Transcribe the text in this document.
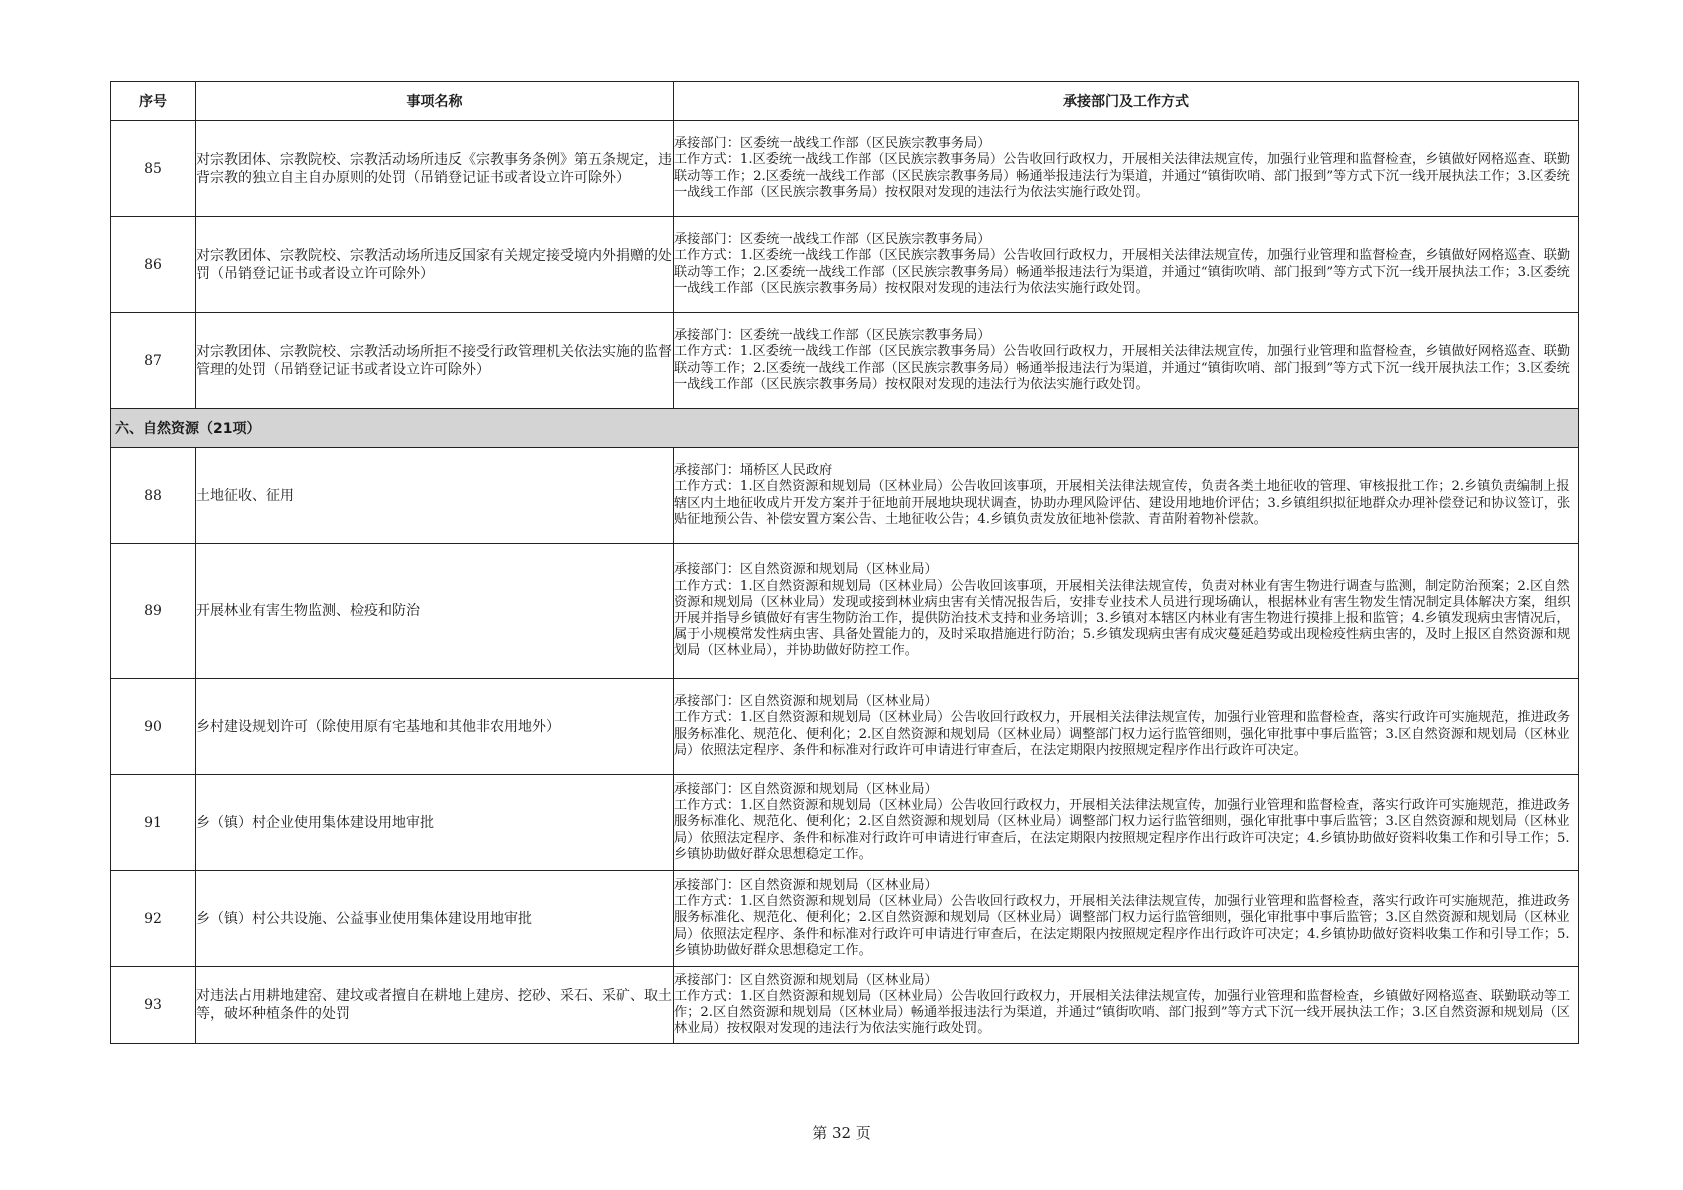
序号	事项名称	承接部门及工作方式
85	对宗教团体、宗教院校、宗教活动场所违反《宗教事务条例》第五条规定，违背宗教的独立自主自办原则的处罚（吊销登记证书或者设立许可除外）	承接部门：区委统一战线工作部（区民族宗教事务局）
工作方式：1.区委统一战线工作部（区民族宗教事务局）公告收回行政权力，开展相关法律法规宣传，加强行业管理和监督检查，乡镇做好网格巡查、联勤联动等工作；2.区委统一战线工作部（区民族宗教事务局）畅通举报违法行为渠道，并通过“镇街吹哨、部门报到”等方式下沉一线开展执法工作；3.区委统一战线工作部（区民族宗教事务局）按权限对发现的违法行为依法实施行政处罚。

86	对宗教团体、宗教院校、宗教活动场所违反国家有关规定接受境内外捐赠的处罚（吊销登记证书或者设立许可除外）	承接部门：区委统一战线工作部（区民族宗教事务局）
工作方式：1.区委统一战线工作部（区民族宗教事务局）公告收回行政权力，开展相关法律法规宣传，加强行业管理和监督检查，乡镇做好网格巡查、联勤联动等工作；2.区委统一战线工作部（区民族宗教事务局）畅通举报违法行为渠道，并通过“镇街吹哨、部门报到”等方式下沉一线开展执法工作；3.区委统一战线工作部（区民族宗教事务局）按权限对发现的违法行为依法实施行政处罚。

87	对宗教团体、宗教院校、宗教活动场所拒不接受行政管理机关依法实施的监督管理的处罚（吊销登记证书或者设立许可除外）	承接部门：区委统一战线工作部（区民族宗教事务局）
工作方式：1.区委统一战线工作部（区民族宗教事务局）公告收回行政权力，开展相关法律法规宣传，加强行业管理和监督检查，乡镇做好网格巡查、联勤联动等工作；2.区委统一战线工作部（区民族宗教事务局）畅通举报违法行为渠道，并通过“镇街吹哨、部门报到”等方式下沉一线开展执法工作；3.区委统一战线工作部（区民族宗教事务局）按权限对发现的违法行为依法实施行政处罚。

六、自然资源（21项）		
88	土地征收、征用	承接部门：埇桥区人民政府
工作方式：1.区自然资源和规划局（区林业局）公告收回该事项，开展相关法律法规宣传，负责各类土地征收的管理、审核报批工作；2.乡镇负责编制上报辖区内土地征收成片开发方案并于征地前开展地块现状调查，协助办理风险评估、建设用地地价评估；3.乡镇组织拟征地群众办理补偿登记和协议签订，张贴征地预公告、补偿安置方案公告、土地征收公告；4.乡镇负责发放征地补偿款、青苗附着物补偿款。

89	开展林业有害生物监测、检疫和防治	承接部门：区自然资源和规划局（区林业局）
工作方式：1.区自然资源和规划局（区林业局）公告收回该事项，开展相关法律法规宣传，负责对林业有害生物进行调查与监测，制定防治预案；2.区自然资源和规划局（区林业局）发现或接到林业病虫害有关情况报告后，安排专业技术人员进行现场确认，根据林业有害生物发生情况制定具体解决方案，组织开展并指导乡镇做好有害生物防治工作，提供防治技术支持和业务培训；3.乡镇对本辖区内林业有害生物进行摸排上报和监管；4.乡镇发现病虫害情况后，属于小规模常发性病虫害、具备处置能力的，及时采取措施进行防治；5.乡镇发现病虫害有成灾蔓延趋势或出现检疫性病虫害的，及时上报区自然资源和规划局（区林业局），并协助做好防控工作。

90	乡村建设规划许可（除使用原有宅基地和其他非农用地外）	承接部门：区自然资源和规划局（区林业局）
工作方式：1.区自然资源和规划局（区林业局）公告收回行政权力，开展相关法律法规宣传，加强行业管理和监督检查，落实行政许可实施规范，推进政务服务标准化、规范化、便利化；2.区自然资源和规划局（区林业局）调整部门权力运行监管细则，强化审批事中事后监管；3.区自然资源和规划局（区林业局）依照法定程序、条件和标准对行政许可申请进行审查后，在法定期限内按照规定程序作出行政许可决定。

91	乡（镇）村企业使用集体建设用地审批	承接部门：区自然资源和规划局（区林业局）
工作方式：1.区自然资源和规划局（区林业局）公告收回行政权力，开展相关法律法规宣传，加强行业管理和监督检查，落实行政许可实施规范，推进政务服务标准化、规范化、便利化；2.区自然资源和规划局（区林业局）调整部门权力运行监管细则，强化审批事中事后监管；3.区自然资源和规划局（区林业局）依照法定程序、条件和标准对行政许可申请进行审查后，在法定期限内按照规定程序作出行政许可决定；4.乡镇协助做好资料收集工作和引导工作；5.乡镇协助做好群众思想稳定工作。

92	乡（镇）村公共设施、公益事业使用集体建设用地审批	承接部门：区自然资源和规划局（区林业局）
工作方式：1.区自然资源和规划局（区林业局）公告收回行政权力，开展相关法律法规宣传，加强行业管理和监督检查，落实行政许可实施规范，推进政务服务标准化、规范化、便利化；2.区自然资源和规划局（区林业局）调整部门权力运行监管细则，强化审批事中事后监管；3.区自然资源和规划局（区林业局）依照法定程序、条件和标准对行政许可申请进行审查后，在法定期限内按照规定程序作出行政许可决定；4.乡镇协助做好资料收集工作和引导工作；5.乡镇协助做好群众思想稳定工作。

93	对违法占用耕地建窑、建坟或者擅自在耕地上建房、挖砂、采石、采矿、取土等，破坏种植条件的处罚	承接部门：区自然资源和规划局（区林业局）
工作方式：1.区自然资源和规划局（区林业局）公告收回行政权力，开展相关法律法规宣传，加强行业管理和监督检查，乡镇做好网格巡查、联勤联动等工作；2.区自然资源和规划局（区林业局）畅通举报违法行为渠道，并通过“镇街吹哨、部门报到”等方式下沉一线开展执法工作；3.区自然资源和规划局（区林业局）按权限对发现的违法行为依法实施行政处罚。
第 32 页
